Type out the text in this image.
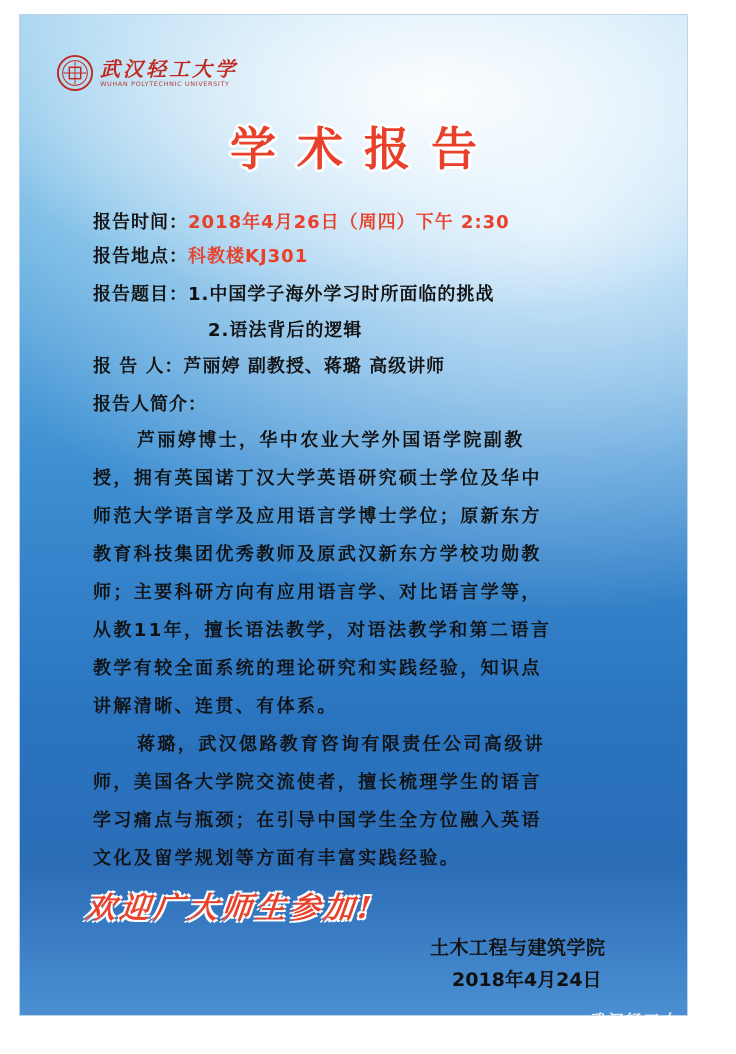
武汉轻工大学
WUHAN POLYTECHNIC UNIVERSITY
学术报告
报告时间：2018年4月26日（周四）下午 2:30
报告地点：科教楼KJ301
报告题目：1.中国学子海外学习时所面临的挑战
2.语法背后的逻辑
报 告 人：芦丽婷 副教授、蒋璐 高级讲师
报告人简介：
芦丽婷博士，华中农业大学外国语学院副教
授，拥有英国诺丁汉大学英语研究硕士学位及华中
师范大学语言学及应用语言学博士学位；原新东方
教育科技集团优秀教师及原武汉新东方学校功勋教
师；主要科研方向有应用语言学、对比语言学等，
从教11年，擅长语法教学，对语法教学和第二语言
教学有较全面系统的理论研究和实践经验，知识点
讲解清晰、连贯、有体系。
蒋璐，武汉偲路教育咨询有限责任公司高级讲
师，美国各大学院交流使者，擅长梳理学生的语言
学习痛点与瓶颈；在引导中国学生全方位融入英语
文化及留学规划等方面有丰富实践经验。
欢迎广大师生参加!
土木工程与建筑学院
2018年4月24日
武汉轻工大学
